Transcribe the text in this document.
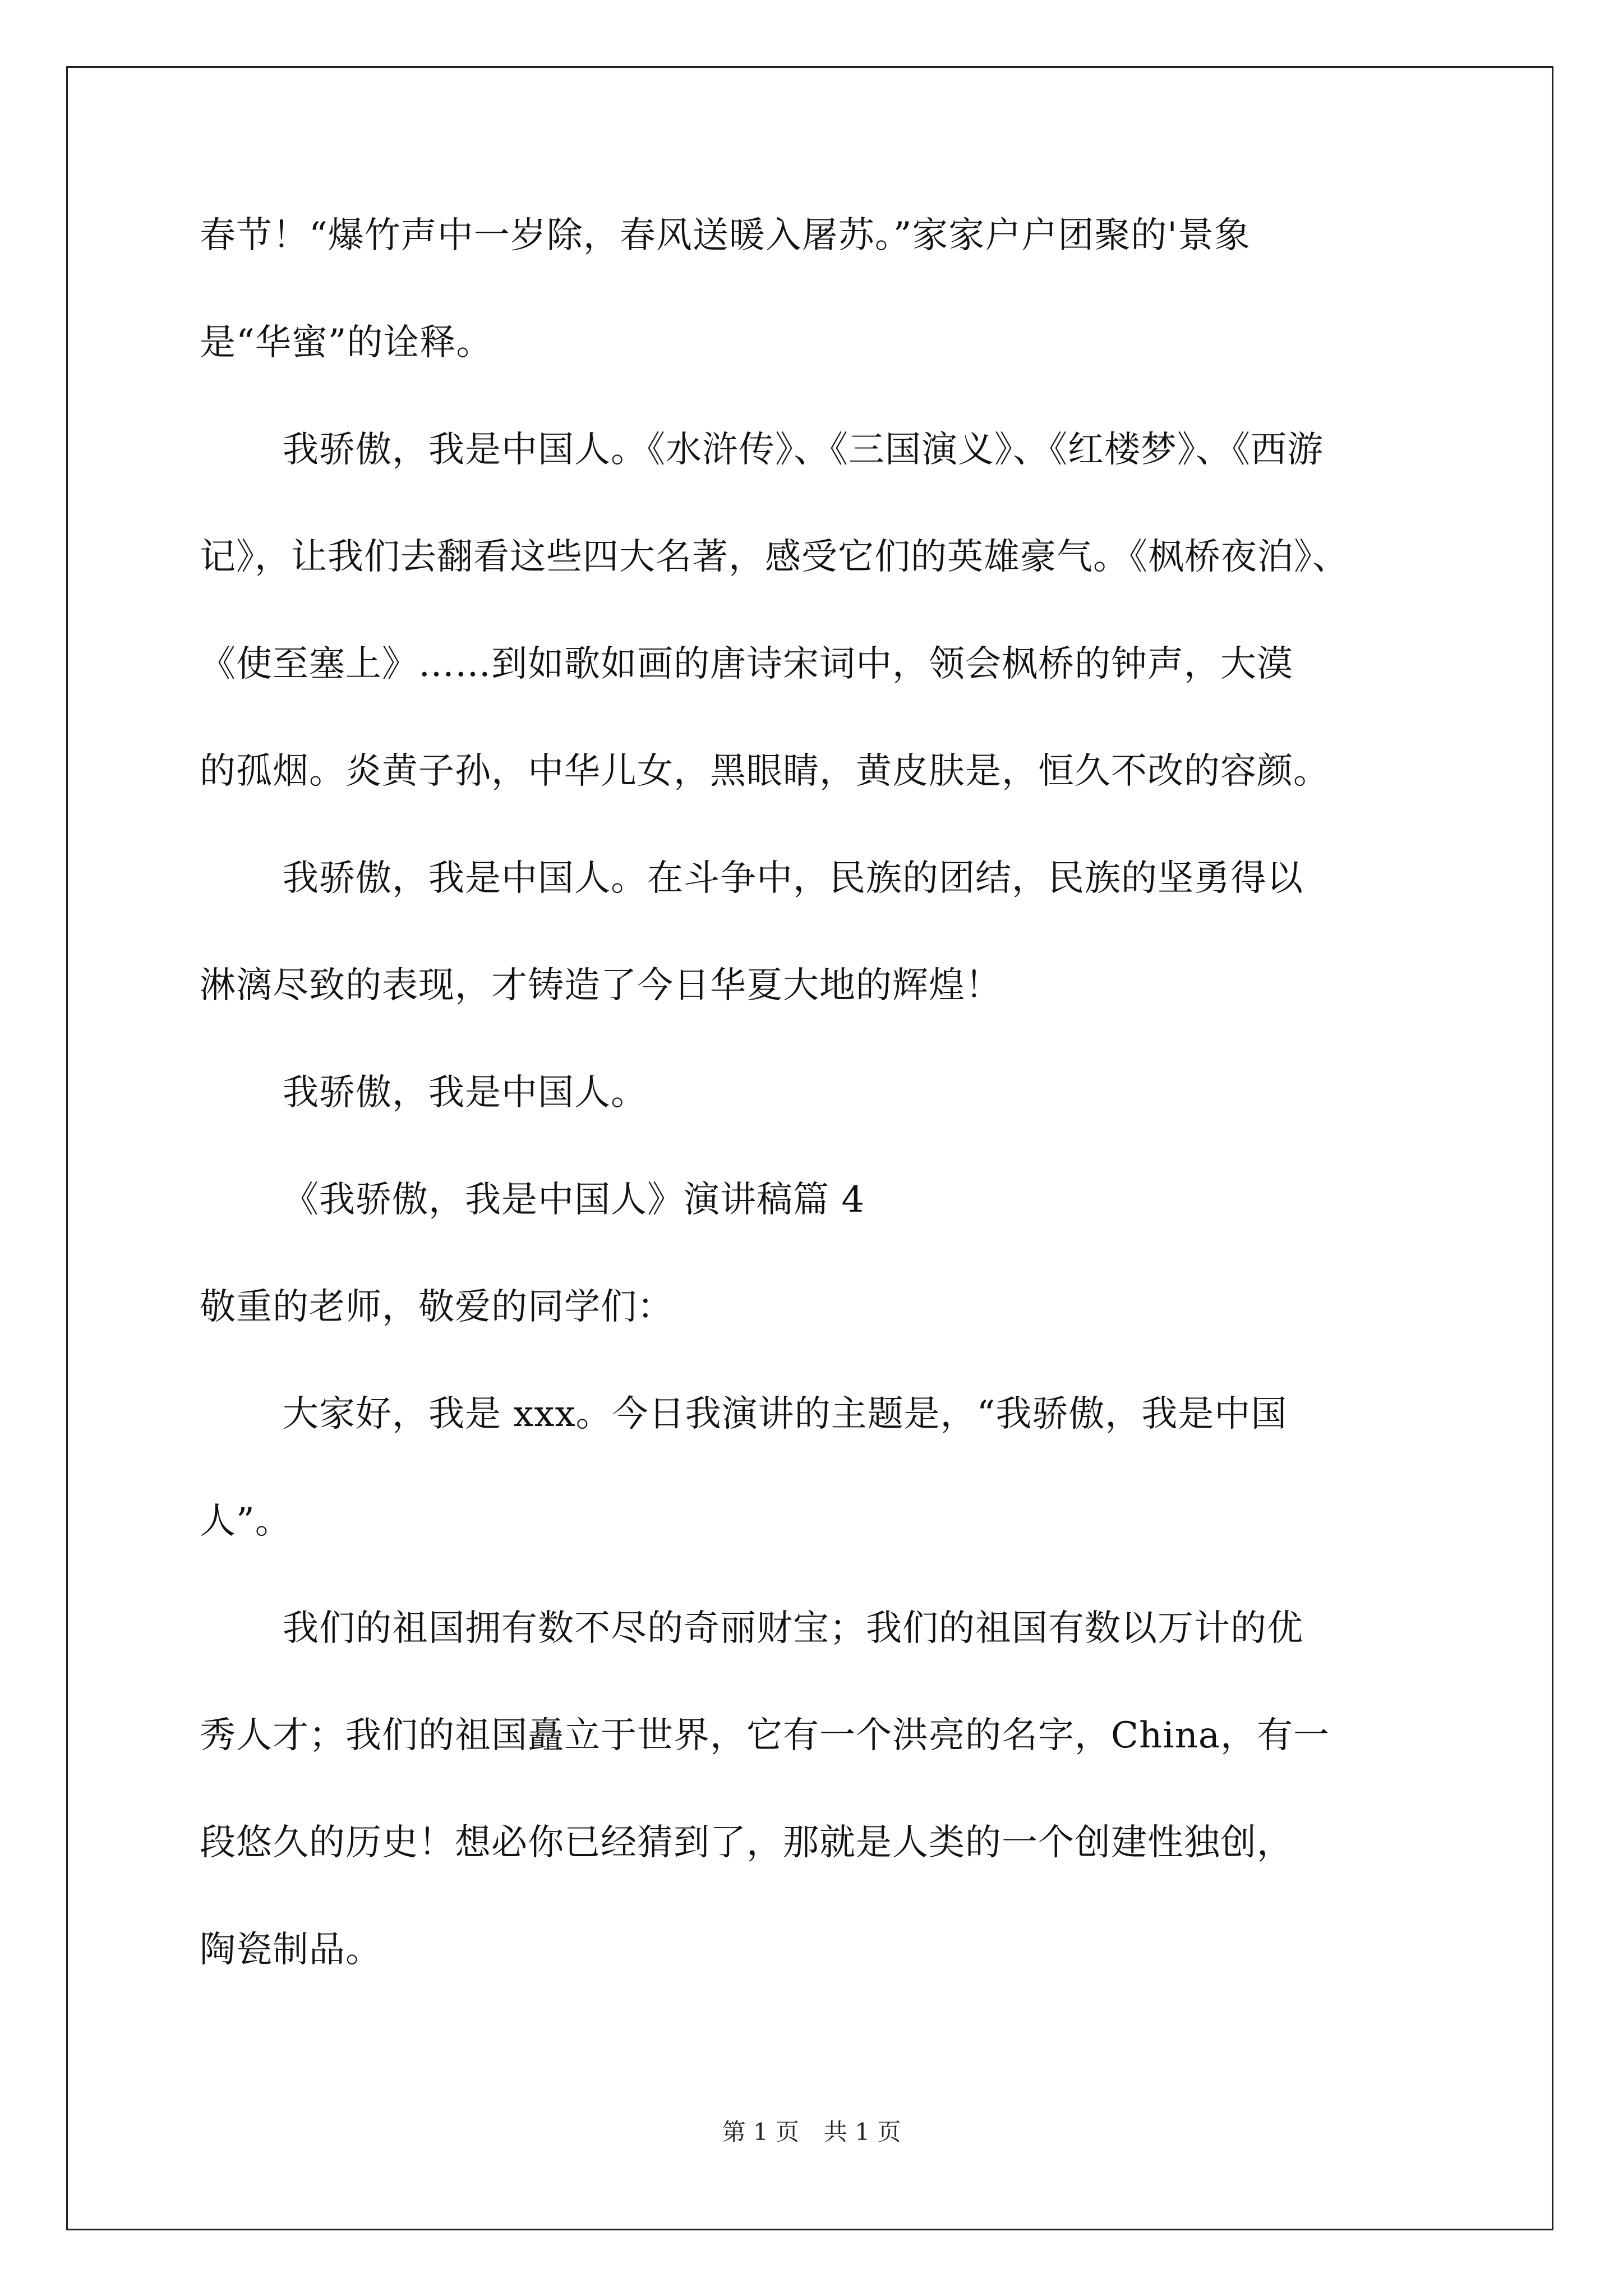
春节！“爆竹声中一岁除，春风送暖入屠苏。”家家户户团聚的'景象
是“华蜜”的诠释。
我骄傲，我是中国人。《水浒传》、《三国演义》、《红楼梦》、《西游
记》，让我们去翻看这些四大名著，感受它们的英雄豪气。《枫桥夜泊》、
《使至塞上》……到如歌如画的唐诗宋词中，领会枫桥的钟声，大漠
的孤烟。炎黄子孙，中华儿女，黑眼睛，黄皮肤是，恒久不改的容颜。
我骄傲，我是中国人。在斗争中，民族的团结，民族的坚勇得以
淋漓尽致的表现，才铸造了今日华夏大地的辉煌！
我骄傲，我是中国人。
《我骄傲，我是中国人》演讲稿篇 4
敬重的老师，敬爱的同学们：
大家好，我是 xxx。今日我演讲的主题是，“我骄傲，我是中国
人”。
我们的祖国拥有数不尽的奇丽财宝；我们的祖国有数以万计的优
秀人才；我们的祖国矗立于世界，它有一个洪亮的名字，China，有一
段悠久的历史！想必你已经猜到了，那就是人类的一个创建性独创，
陶瓷制品。
第 1 页 共 1 页
